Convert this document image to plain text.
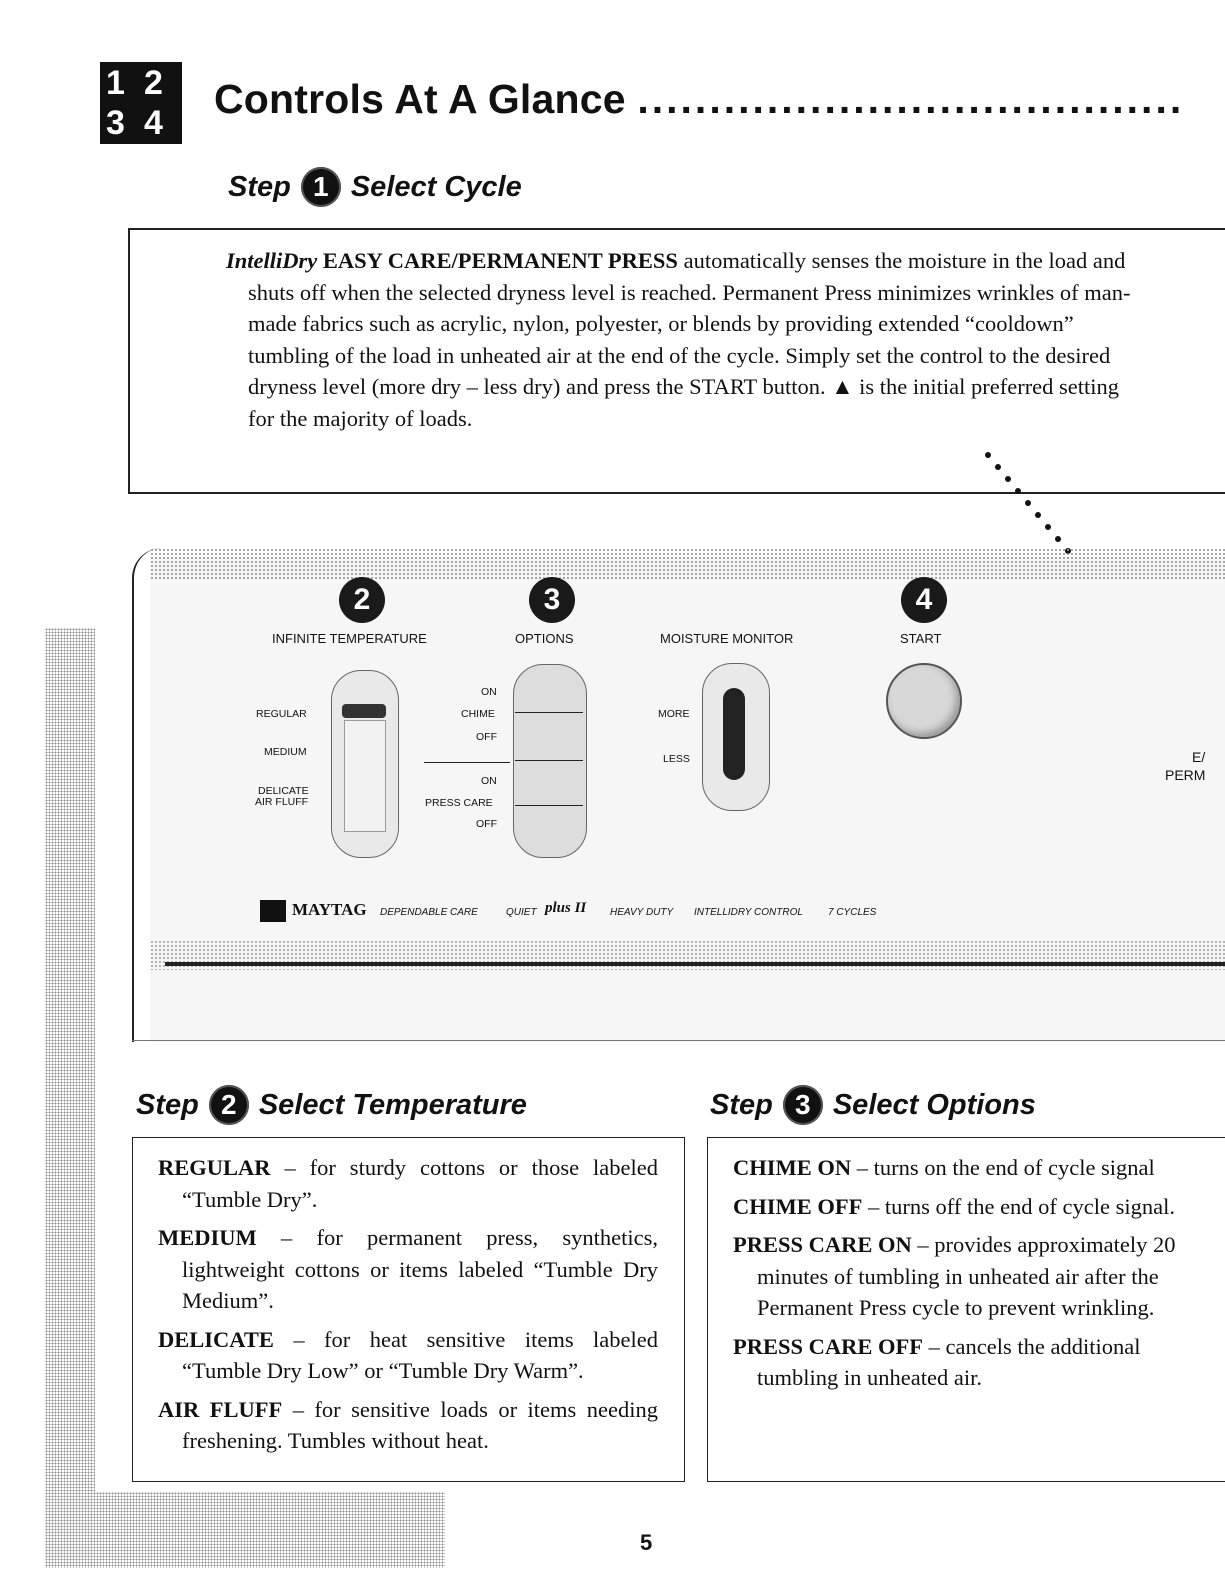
1 2
3 4
Controls At A Glance ......................................
Step 1 Select Cycle

IntelliDry EASY CARE/PERMANENT PRESS automatically senses the moisture in the load and shuts off when the selected dryness level is reached. Permanent Press minimizes wrinkles of man-made fabrics such as acrylic, nylon, polyester, or blends by providing extended “cooldown” tumbling of the load in unheated air at the end of the cycle. Simply set the control to the desired dryness level (more dry – less dry) and press the START button. ▲ is the initial preferred setting for the majority of loads.

2	3	4
INFINITE TEMPERATURE	OPTIONS	MOISTURE MONITOR	START
REGULAR
MEDIUM
DELICATE
AIR FLUFF
ON
CHIME
OFF
ON
PRESS CARE
OFF
MORE
LESS	E/
PERM
MAYTAG DEPENDABLE CARE	QUIET plus II HEAVY DUTY INTELLIDRY CONTROL	7 CYCLES
Step 2 Select Temperature

REGULAR – for sturdy cottons or those labeled “Tumble Dry”.

MEDIUM – for permanent press, synthetics, lightweight cottons or items labeled “Tumble Dry Medium”.

DELICATE – for heat sensitive items labeled “Tumble Dry Low” or “Tumble Dry Warm”.

AIR FLUFF – for sensitive loads or items needing freshening. Tumbles without heat.

Step 3 Select Options

CHIME ON – turns on the end of cycle signal

CHIME OFF – turns off the end of cycle signal.

PRESS CARE ON – provides approximately 20 minutes of tumbling in unheated air after the Permanent Press cycle to prevent wrinkling.

PRESS CARE OFF – cancels the additional tumbling in unheated air.

5
